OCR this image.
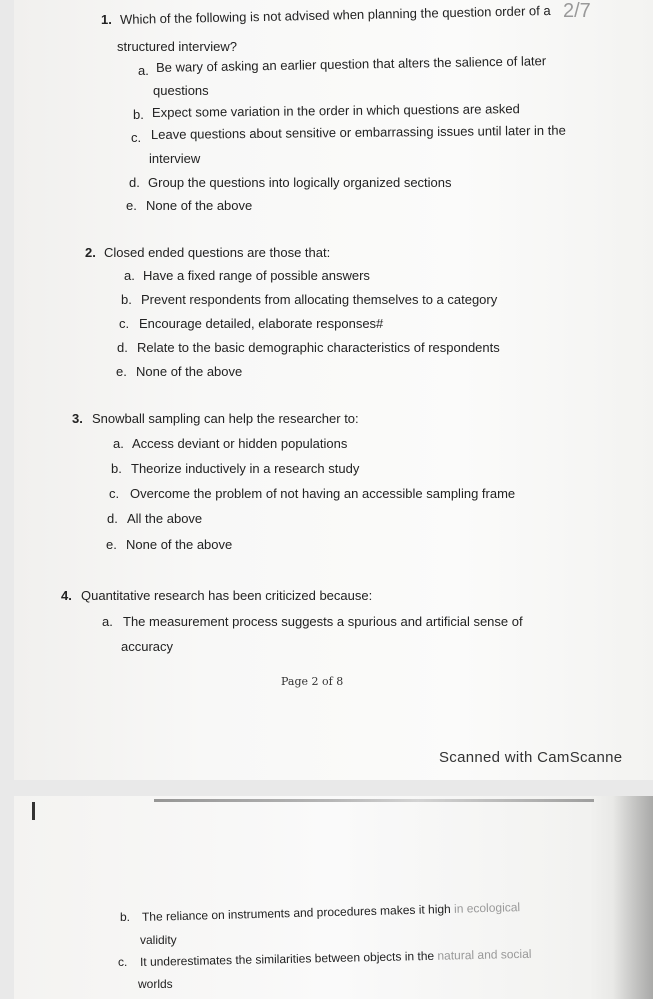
2/7
1. Which of the following is not advised when planning the question order of a
structured interview?
a. Be wary of asking an earlier question that alters the salience of later
questions
b. Expect some variation in the order in which questions are asked
c. Leave questions about sensitive or embarrassing issues until later in the
interview
d. Group the questions into logically organized sections
e. None of the above
2. Closed ended questions are those that:
a. Have a fixed range of possible answers
b. Prevent respondents from allocating themselves to a category
c. Encourage detailed, elaborate responses#
d. Relate to the basic demographic characteristics of respondents
e. None of the above
3. Snowball sampling can help the researcher to:
a. Access deviant or hidden populations
b. Theorize inductively in a research study
c. Overcome the problem of not having an accessible sampling frame
d. All the above
e. None of the above
4. Quantitative research has been criticized because:
a. The measurement process suggests a spurious and artificial sense of
accuracy
Page 2 of 8
Scanned with CamScanne
b. The reliance on instruments and procedures makes it high in ecological
validity
c. It underestimates the similarities between objects in the natural and social
worlds
